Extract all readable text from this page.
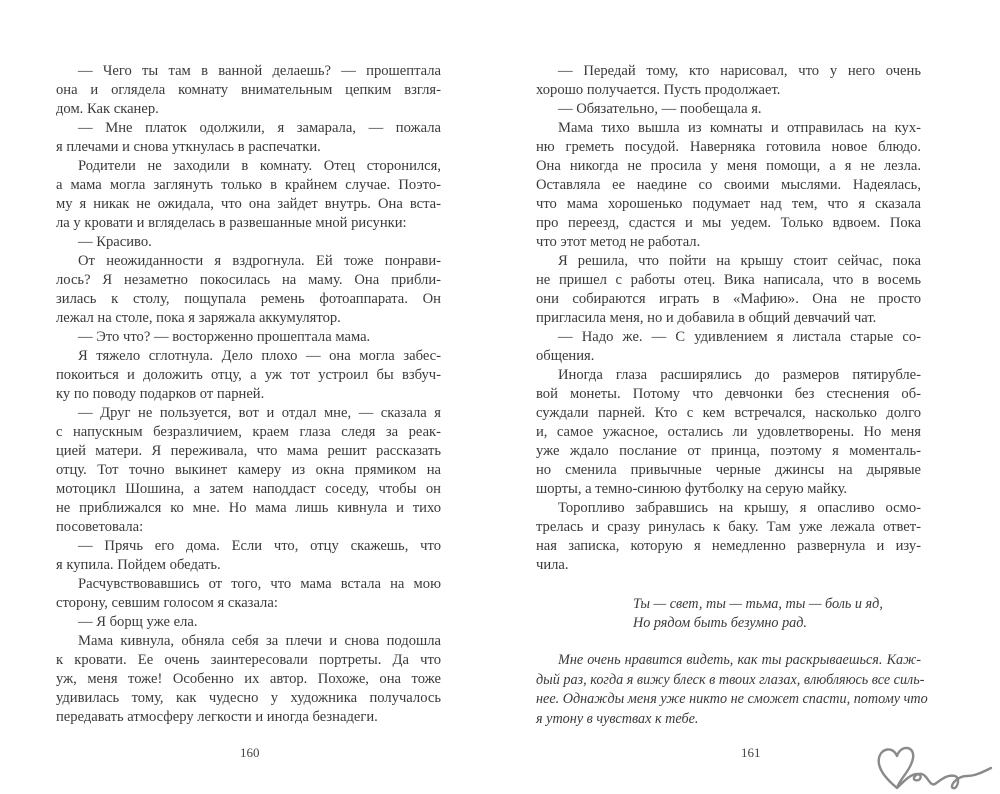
— Чего ты там в ванной делаешь? — прошептала
она и оглядела комнату внимательным цепким взгля-
дом. Как сканер.
— Мне платок одолжили, я замарала, — пожала
я плечами и снова уткнулась в распечатки.
Родители не заходили в комнату. Отец сторонился,
а мама могла заглянуть только в крайнем случае. Поэто-
му я никак не ожидала, что она зайдет внутрь. Она вста-
ла у кровати и вгляделась в развешанные мной рисунки:
— Красиво.
От неожиданности я вздрогнула. Ей тоже понрави-
лось? Я незаметно покосилась на маму. Она прибли-
зилась к столу, пощупала ремень фотоаппарата. Он
лежал на столе, пока я заряжала аккумулятор.
— Это что? — восторженно прошептала мама.
Я тяжело сглотнула. Дело плохо — она могла забес-
покоиться и доложить отцу, а уж тот устроил бы взбуч-
ку по поводу подарков от парней.
— Друг не пользуется, вот и отдал мне, — сказала я
с напускным безразличием, краем глаза следя за реак-
цией матери. Я переживала, что мама решит рассказать
отцу. Тот точно выкинет камеру из окна прямиком на
мотоцикл Шошина, а затем наподдаст соседу, чтобы он
не приближался ко мне. Но мама лишь кивнула и тихо
посоветовала:
— Прячь его дома. Если что, отцу скажешь, что
я купила. Пойдем обедать.
Расчувствовавшись от того, что мама встала на мою
сторону, севшим голосом я сказала:
— Я борщ уже ела.
Мама кивнула, обняла себя за плечи и снова подошла
к кровати. Ее очень заинтересовали портреты. Да что
уж, меня тоже! Особенно их автор. Похоже, она тоже
удивилась тому, как чудесно у художника получалось
передавать атмосферу легкости и иногда безнадеги.
— Передай тому, кто нарисовал, что у него очень
хорошо получается. Пусть продолжает.
— Обязательно, — пообещала я.
Мама тихо вышла из комнаты и отправилась на кух-
ню греметь посудой. Наверняка готовила новое блюдо.
Она никогда не просила у меня помощи, а я не лезла.
Оставляла ее наедине со своими мыслями. Надеялась,
что мама хорошенько подумает над тем, что я сказала
про переезд, сдастся и мы уедем. Только вдвоем. Пока
что этот метод не работал.
Я решила, что пойти на крышу стоит сейчас, пока
не пришел с работы отец. Вика написала, что в восемь
они собираются играть в «Мафию». Она не просто
пригласила меня, но и добавила в общий девчачий чат.
— Надо же. — С удивлением я листала старые со-
общения.
Иногда глаза расширялись до размеров пятирубле-
вой монеты. Потому что девчонки без стеснения об-
суждали парней. Кто с кем встречался, насколько долго
и, самое ужасное, остались ли удовлетворены. Но меня
уже ждало послание от принца, поэтому я моменталь-
но сменила привычные черные джинсы на дырявые
шорты, а темно-синюю футболку на серую майку.
Торопливо забравшись на крышу, я опасливо осмо-
трелась и сразу ринулась к баку. Там уже лежала ответ-
ная записка, которую я немедленно развернула и изу-
чила.
Ты — свет, ты — тьма, ты — боль и яд,
Но рядом быть безумно рад.
Мне очень нравится видеть, как ты раскрываешься. Каж-
дый раз, когда я вижу блеск в твоих глазах, влюбляюсь все силь-
нее. Однажды меня уже никто не сможет спасти, потому что
я утону в чувствах к тебе.
160	161
